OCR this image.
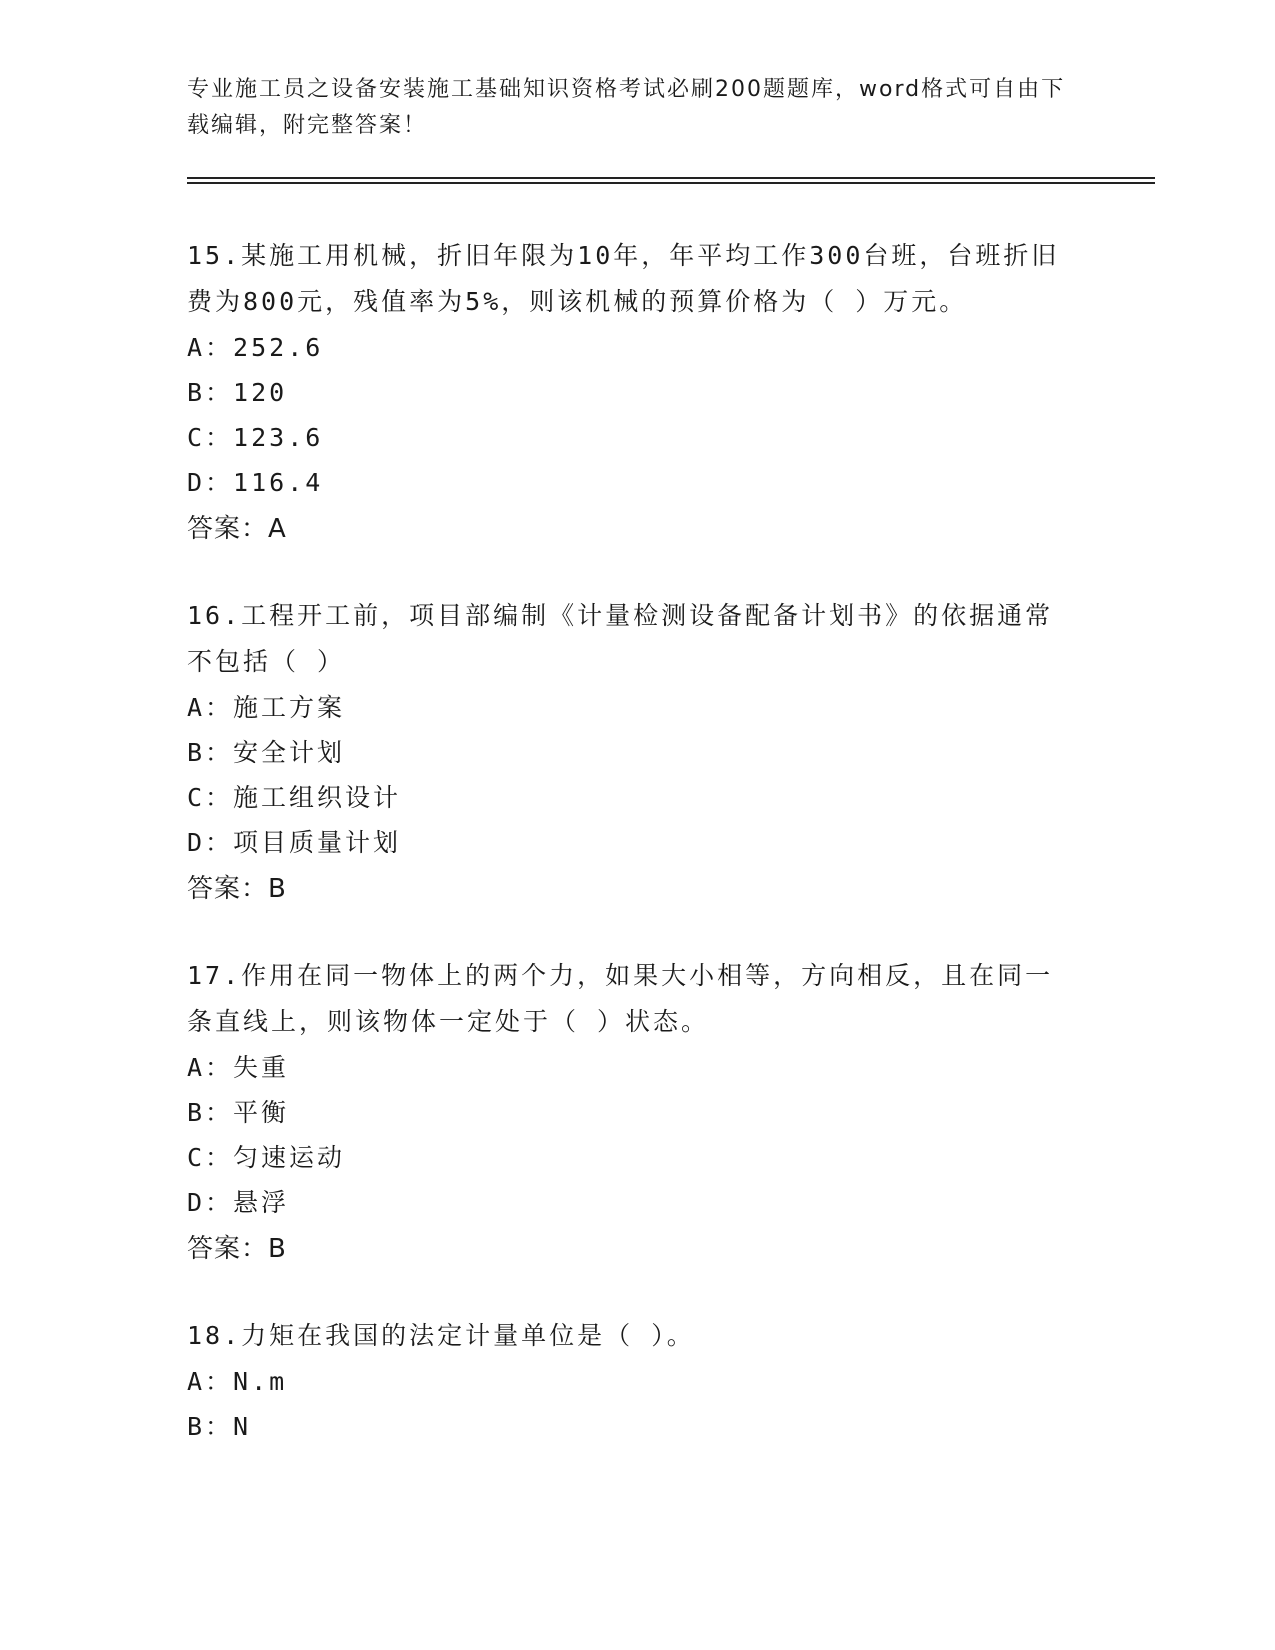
专业施工员之设备安装施工基础知识资格考试必刷200题题库，word格式可自由下载编辑，附完整答案！

15.某施工用机械，折旧年限为10年，年平均工作300台班，台班折旧费为800元，残值率为5%，则该机械的预算价格为（ ）万元。

A：252.6
B：120
C：123.6
D：116.4
答案：A

16.工程开工前，项目部编制《计量检测设备配备计划书》的依据通常不包括（ ）

A：施工方案
B：安全计划
C：施工组织设计
D：项目质量计划
答案：B

17.作用在同一物体上的两个力，如果大小相等，方向相反，且在同一条直线上，则该物体一定处于（ ）状态。

A：失重
B：平衡
C：匀速运动
D：悬浮
答案：B

18.力矩在我国的法定计量单位是（ ）。

A：N.m
B：N
